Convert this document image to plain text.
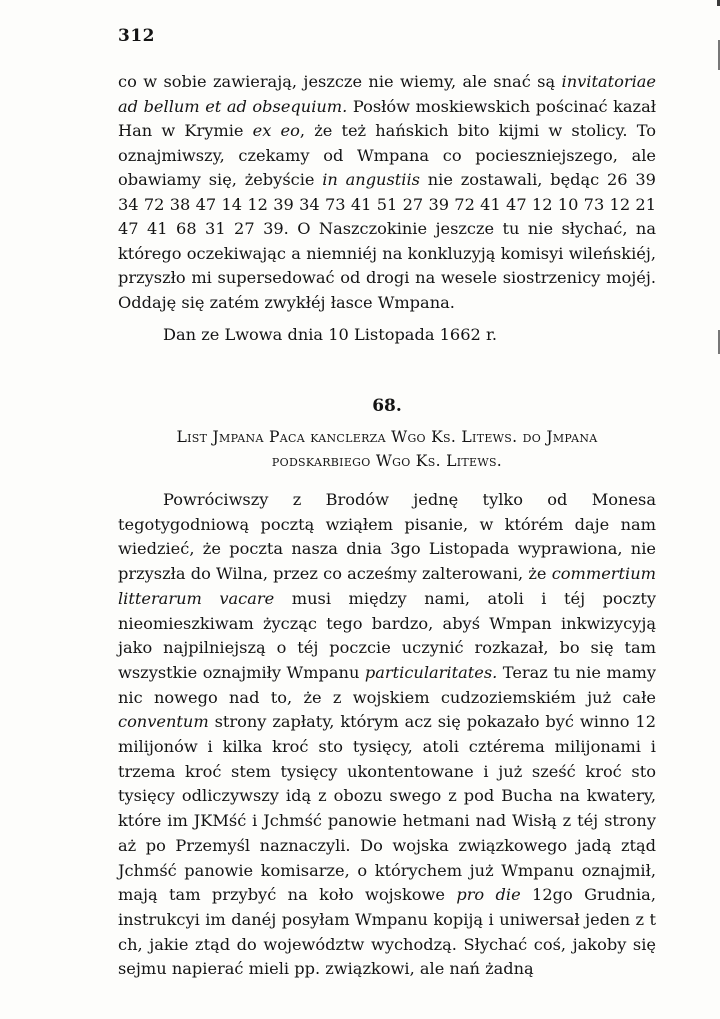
312

co w sobie zawierają, jeszcze nie wiemy, ale snać są invitatoriae ad bellum et ad obsequium. Posłów moskiewskich pościnać kazał Han w Krymie ex eo, że też hańskich bito kijmi w stolicy. To oznajmiwszy, czekamy od Wmpana co pocieszniejszego, ale obawiamy się, żebyście in angustiis nie zostawali, będąc 26 39 34 72 38 47 14 12 39 34 73 41 51 27 39 72 41 47 12 10 73 12 21 47 41 68 31 27 39. O Naszczokinie jeszcze tu nie słychać, na którego oczekiwając a niemniéj na konkluzyją komisyi wileńskiéj, przyszło mi supersedować od drogi na wesele siostrzenicy mojéj. Oddaję się zatém zwykłéj łasce Wmpana.

Dan ze Lwowa dnia 10 Listopada 1662 r.
68.
List Jmpana Paca kanclerza Wgo Ks. Litews. do Jmpana
podskarbiego Wgo Ks. Litews.

Powróciwszy z Brodów jednę tylko od Monesa tegotygodniową pocztą wziąłem pisanie, w którém daje nam wiedzieć, że poczta nasza dnia 3go Listopada wyprawiona, nie przyszła do Wilna, przez co acześmy zalterowani, że commertium litterarum vacare musi między nami, atoli i téj poczty nieomieszkiwam życząc tego bardzo, abyś Wmpan inkwizycyją jako najpilniejszą o téj poczcie uczynić rozkazał, bo się tam wszystkie oznajmiły Wmpanu particularitates. Teraz tu nie mamy nic nowego nad to, że z wojskiem cudzoziemskiém już całe conventum strony zapłaty, którym acz się pokazało być winno 12 milijonów i kilka kroć sto tysięcy, atoli cztérema milijonami i trzema kroć stem tysięcy ukontentowane i już sześć kroć sto tysięcy odliczywszy idą z obozu swego z pod Bucha na kwatery, które im JKMść i Jchmść panowie hetmani nad Wisłą z téj strony aż po Przemyśl naznaczyli. Do wojska związkowego jadą ztąd Jchmść panowie komisarze, o którychem już Wmpanu oznajmił, mają tam przybyć na koło wojskowe pro die 12go Grudnia, instrukcyi im danéj posyłam Wmpanu kopiją i uniwersał jeden z t ch, jakie ztąd do województw wychodzą. Słychać coś, jakoby się sejmu napierać mieli pp. związkowi, ale nań żadną
